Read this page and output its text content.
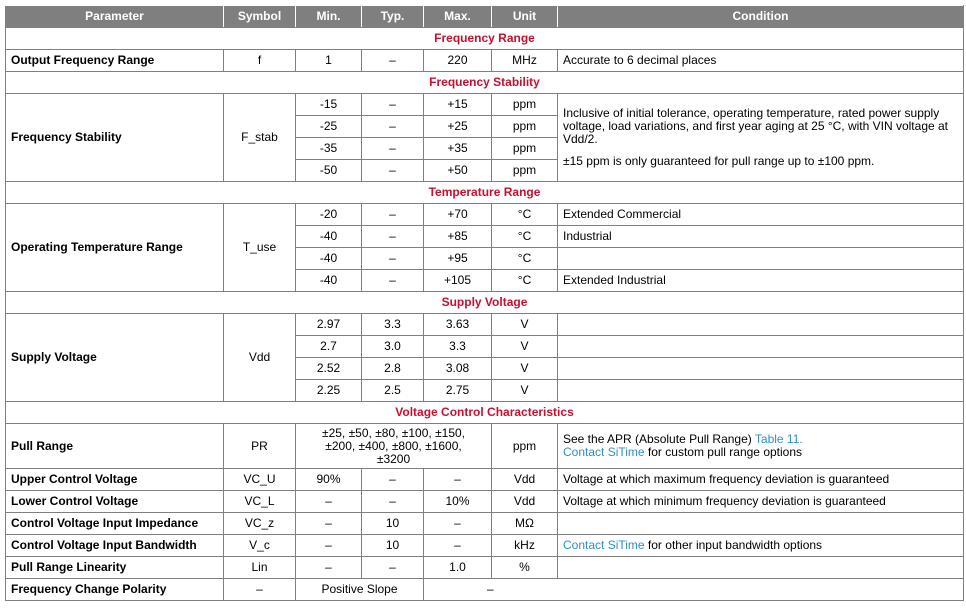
Parameter	Symbol	Min.	Typ.	Max.	Unit	Condition
Frequency Range						
Output Frequency Range	f	1	–	220	MHz	Accurate to 6 decimal places
Frequency Stability						
Frequency Stability	F_stab	-15	–	+15	ppm	Inclusive of initial tolerance, operating temperature, rated power supply voltage, load variations, and first year aging at 25 °C, with VIN voltage at Vdd/2.
±15 ppm is only guaranteed for pull range up to ±100 ppm.

		-25	–	+25	ppm	
		-35	–	+35	ppm	
		-50	–	+50	ppm	
Temperature Range						
Operating Temperature Range	T_use	-20	–	+70	°C	Extended Commercial
		-40	–	+85	°C	Industrial
		-40	–	+95	°C	
		-40	–	+105	°C	Extended Industrial
Supply Voltage						
Supply Voltage	Vdd	2.97	3.3	3.63	V	
		2.7	3.0	3.3	V	
		2.52	2.8	3.08	V	
		2.25	2.5	2.75	V	
Voltage Control Characteristics						
Pull Range	PR	±25, ±50, ±80, ±100, ±150, ±200, ±400, ±800, ±1600, ±3200			ppm	See the APR (Absolute Pull Range) Table 11.
Contact SiTime for custom pull range options
Upper Control Voltage	VC_U	90%	–	–	Vdd	Voltage at which maximum frequency deviation is guaranteed
Lower Control Voltage	VC_L	–	–	10%	Vdd	Voltage at which minimum frequency deviation is guaranteed
Control Voltage Input Impedance	VC_z	–	10	–	MΩ	
Control Voltage Input Bandwidth	V_c	–	10	–	kHz	Contact SiTime for other input bandwidth options
Pull Range Linearity	Lin	–	–	1.0	%	
Frequency Change Polarity	–	Positive Slope		–		
